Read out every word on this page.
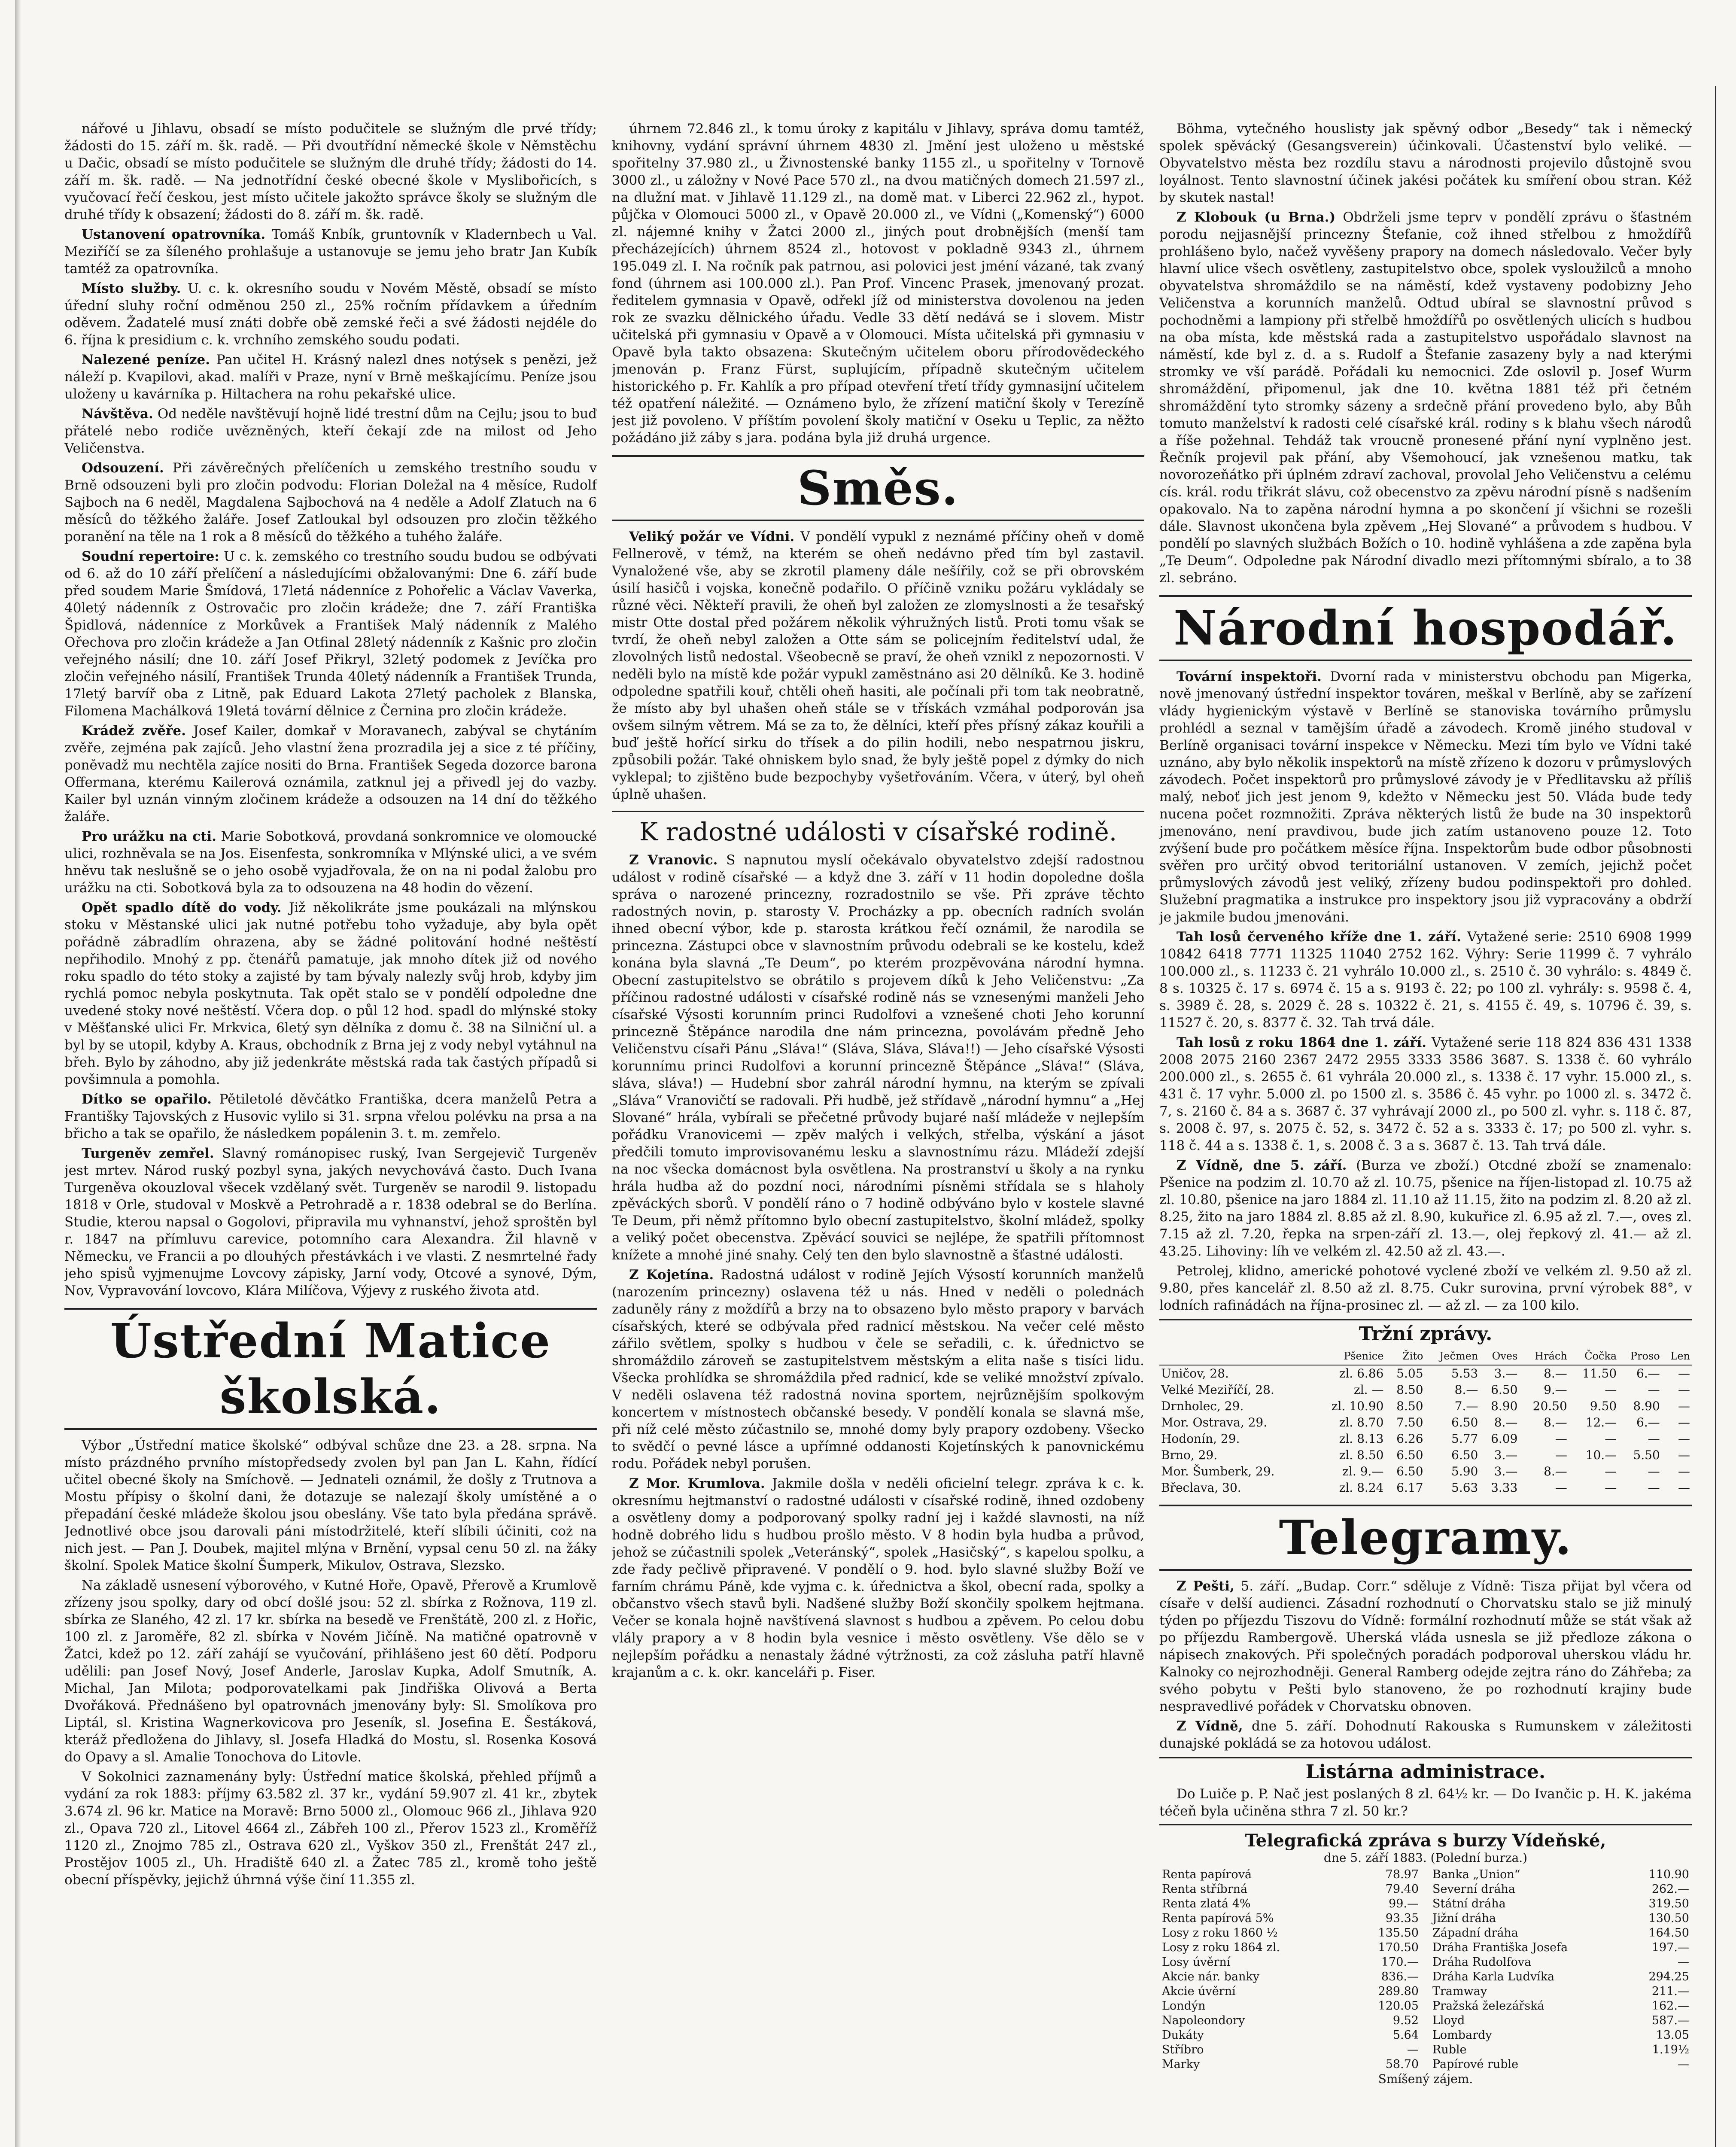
nářové u Jihlavu, obsadí se místo podučitele se služným dle prvé třídy; žádosti do 15. září m. šk. radě. — Při dvoutřídní německé škole v Němstěchu u Dačic, obsadí se místo podučitele se služným dle druhé třídy; žádosti do 14. září m. šk. radě. — Na jednotřídní české obecné škole v Myslibořicích, s vyučovací řečí českou, jest místo učitele jakožto správce školy se služným dle druhé třídy k obsazení; žádosti do 8. září m. šk. radě.

Ustanovení opatrovníka. Tomáš Knbík, gruntovník v Kladernbech u Val. Meziříčí se za šíleného prohlašuje a ustanovuje se jemu jeho bratr Jan Kubík tamtéž za opatrovníka.

Místo služby. U. c. k. okresního soudu v Novém Městě, obsadí se místo úřední sluhy roční odměnou 250 zl., 25% ročním přídavkem a úředním oděvem. Žadatelé musí znáti dobře obě zemské řeči a své žádosti nejdéle do 6. října k presidium c. k. vrchního zemského soudu podati.

Nalezené peníze. Pan učitel H. Krásný nalezl dnes notýsek s penězi, jež náleží p. Kvapilovi, akad. malíři v Praze, nyní v Brně meškajícímu. Peníze jsou uloženy u kavárníka p. Hiltachera na rohu pekařské ulice.

Návštěva. Od neděle navštěvují hojně lidé trestní dům na Cejlu; jsou to buď přátelé nebo rodiče uvězněných, kteří čekají zde na milost od Jeho Veličenstva.

Odsouzení. Při závěrečných přelíčeních u zemského trestního soudu v Brně odsouzeni byli pro zločin podvodu: Florian Doležal na 4 měsíce, Rudolf Sajboch na 6 neděl, Magdalena Sajbochová na 4 neděle a Adolf Zlatuch na 6 měsíců do těžkého žaláře. Josef Zatloukal byl odsouzen pro zločin těžkého poranění na těle na 1 rok a 8 měsíců do těžkého a tuhého žaláře.

Soudní repertoire: U c. k. zemského co trestního soudu budou se odbývati od 6. až do 10 září přelíčení a následujícími obžalovanými: Dne 6. září bude před soudem Marie Šmídová, 17letá nádenníce z Pohořelic a Václav Vaverka, 40letý nádenník z Ostrovačic pro zločin krádeže; dne 7. září Františka Špidlová, nádenníce z Morkůvek a František Malý nádenník z Malého Ořechova pro zločin krádeže a Jan Otfinal 28letý nádenník z Kašnic pro zločin veřejného násilí; dne 10. září Josef Přikryl, 32letý podomek z Jevíčka pro zločin veřejného násilí, František Trunda 40letý nádenník a František Trunda, 17letý barvíř oba z Litně, pak Eduard Lakota 27letý pacholek z Blanska, Filomena Machálková 19letá tovární dělnice z Černina pro zločin krádeže.

Krádež zvěře. Josef Kailer, domkař v Moravanech, zabýval se chytáním zvěře, zejména pak zajíců. Jeho vlastní žena prozradila jej a sice z té příčiny, poněvadž mu nechtěla zajíce nositi do Brna. František Segeda dozorce barona Offermana, kterému Kailerová oznámila, zatknul jej a přivedl jej do vazby. Kailer byl uznán vinným zločinem krádeže a odsouzen na 14 dní do těžkého žaláře.

Pro urážku na cti. Marie Sobotková, provdaná sonkromnice ve olomoucké ulici, rozhněvala se na Jos. Eisenfesta, sonkromníka v Mlýnské ulici, a ve svém hněvu tak neslušně se o jeho osobě vyjadřovala, že on na ni podal žalobu pro urážku na cti. Sobotková byla za to odsouzena na 48 hodin do vězení.

Opět spadlo dítě do vody. Již několikráte jsme poukázali na mlýnskou stoku v Městanské ulici jak nutné potřebu toho vyžaduje, aby byla opět pořádně zábradlím ohrazena, aby se žádné politování hodné neštěstí nepřihodilo. Mnohý z pp. čtenářů pamatuje, jak mnoho dítek již od nového roku spadlo do této stoky a zajisté by tam bývaly nalezly svůj hrob, kdyby jim rychlá pomoc nebyla poskytnuta. Tak opět stalo se v pondělí odpoledne dne uvedené stoky nové neštěstí. Včera dop. o půl 12 hod. spadl do mlýnské stoky v Měšťanské ulici Fr. Mrkvica, 6letý syn dělníka z domu č. 38 na Silniční ul. a byl by se utopil, kdyby A. Kraus, obchodník z Brna jej z vody nebyl vytáhnul na břeh. Bylo by záhodno, aby již jedenkráte městská rada tak častých případů si povšimnula a pomohla.

Dítko se opařilo. Pětiletolé děvčátko Františka, dcera manželů Petra a Františky Tajovských z Husovic vylilo si 31. srpna vřelou polévku na prsa a na břicho a tak se opařilo, že následkem popálenin 3. t. m. zemřelo.

Turgeněv zemřel. Slavný románopisec ruský, Ivan Sergejevič Turgeněv jest mrtev. Národ ruský pozbyl syna, jakých nevychovává často. Duch Ivana Turgeněva okouzloval všecek vzdělaný svět. Turgeněv se narodil 9. listopadu 1818 v Orle, studoval v Moskvě a Petrohradě a r. 1838 odebral se do Berlína. Studie, kterou napsal o Gogolovi, připravila mu vyhnanství, jehož sproštěn byl r. 1847 na přímluvu carevice, potomního cara Alexandra. Žil hlavně v Německu, ve Francii a po dlouhých přestávkách i ve vlasti. Z nesmrtelné řady jeho spisů vyjmenujme Lovcovy zápisky, Jarní vody, Otcové a synové, Dým, Nov, Vypravování lovcovo, Klára Milíčova, Výjevy z ruského života atd.

Ústřední Matice školská.

Výbor „Ústřední matice školské“ odbýval schůze dne 23. a 28. srpna. Na místo prázdného prvního místopředsedy zvolen byl pan Jan L. Kahn, řídící učitel obecné školy na Smíchově. — Jednateli oznámil, že došly z Trutnova a Mostu přípisy o školní dani, že dotazuje se nalezají školy umístěné a o přepadání české mládeže školou jsou obeslány. Vše tato byla předána správě. Jednotlivé obce jsou darovali páni místodržitelé, kteří slíbili účiniti, coż na nich jest. — Pan J. Doubek, majitel mlýna v Brnění, vypsal cenu 50 zl. na žáky školní. Spolek Matice školní Šumperk, Mikulov, Ostrava, Slezsko.

Na základě usnesení výborového, v Kutné Hoře, Opavě, Přerově a Krumlově zřízeny jsou spolky, dary od obcí došlé jsou: 52 zl. sbírka z Rožnova, 119 zl. sbírka ze Slaného, 42 zl. 17 kr. sbírka na besedě ve Frenštátě, 200 zl. z Hořic, 100 zl. z Jaroměře, 82 zl. sbírka v Novém Jičíně. Na matičné opatrovně v Žatci, kdež po 12. září zahájí se vyučování, přihlášeno jest 60 dětí. Podporu udělili: pan Josef Nový, Josef Anderle, Jaroslav Kupka, Adolf Smutník, A. Michal, Jan Milota; podporovatelkami pak Jindřiška Olivová a Berta Dvořáková. Přednášeno byl opatrovnách jmenovány byly: Sl. Smolíkova pro Liptál, sl. Kristina Wagnerkovicova pro Jeseník, sl. Josefina E. Šestáková, kteráž předložena do Jihlavy, sl. Josefa Hladká do Mostu, sl. Rosenka Kosová do Opavy a sl. Amalie Tonochova do Litovle.

V Sokolnici zaznamenány byly: Ústřední matice školská, přehled příjmů a vydání za rok 1883: příjmy 63.582 zl. 37 kr., vydání 59.907 zl. 41 kr., zbytek 3.674 zl. 96 kr. Matice na Moravě: Brno 5000 zl., Olomouc 966 zl., Jihlava 920 zl., Opava 720 zl., Litovel 4664 zl., Zábřeh 100 zl., Přerov 1523 zl., Kroměříž 1120 zl., Znojmo 785 zl., Ostrava 620 zl., Vyškov 350 zl., Frenštát 247 zl., Prostějov 1005 zl., Uh. Hradiště 640 zl. a Žatec 785 zl., kromě toho ještě obecní příspěvky, jejichž úhrnná výše činí 11.355 zl.

úhrnem 72.846 zl., k tomu úroky z kapitálu v Jihlavy, správa domu tamtéž, knihovny, vydání správní úhrnem 4830 zl. Jmění jest uloženo u městské spořitelny 37.980 zl., u Živnostenské banky 1155 zl., u spořitelny v Tornově 3000 zl., u záložny v Nové Pace 570 zl., na dvou matičných domech 21.597 zl., na dlužní mat. v Jihlavě 11.129 zl., na domě mat. v Liberci 22.962 zl., hypot. půjčka v Olomouci 5000 zl., v Opavě 20.000 zl., ve Vídni („Komenský“) 6000 zl. nájemné knihy v Žatci 2000 zl., jiných pout drobnějších (menší tam přecházejících) úhrnem 8524 zl., hotovost v pokladně 9343 zl., úhrnem 195.049 zl. I. Na ročník pak patrnou, asi polovici jest jméní vázané, tak zvaný fond (úhrnem asi 100.000 zl.). Pan Prof. Vincenc Prasek, jmenovaný prozat. ředitelem gymnasia v Opavě, odřekl jíž od ministerstva dovolenou na jeden rok ze svazku dělnického úřadu. Vedle 33 dětí nedává se i slovem. Mistr učitelská při gymnasiu v Opavě a v Olomouci. Místa učitelská při gymnasiu v Opavě byla takto obsazena: Skutečným učitelem oboru přírodovědeckého jmenován p. Franz Fürst, suplujícím, případně skutečným učitelem historického p. Fr. Kahlík a pro případ otevření třetí třídy gymnasijní učitelem též opatření náležité. — Oznámeno bylo, že zřízení matiční školy v Terezíně jest již povoleno. V příštím povolení školy matiční v Oseku u Teplic, za něžto požádáno již záby s jara. podána byla již druhá urgence.

Směs.

Veliký požár ve Vídni. V pondělí vypukl z neznámé příčiny oheň v domě Fellnerově, v témž, na kterém se oheň nedávno před tím byl zastavil. Vynaložené vše, aby se zkrotil plameny dále nešířily, což se při obrovském úsilí hasičů i vojska, konečně podařilo. O příčině vzniku požáru vykládaly se různé věci. Někteří pravili, že oheň byl založen ze zlomyslnosti a že tesařský mistr Otte dostal před požárem několik výhružných listů. Proti tomu však se tvrdí, že oheň nebyl založen a Otte sám se policejním ředitelství udal, že zlovolných listů nedostal. Všeobecně se praví, že oheň vznikl z nepozornosti. V neděli bylo na místě kde požár vypukl zaměstnáno asi 20 dělníků. Ke 3. hodině odpoledne spatřili kouř, chtěli oheň hasiti, ale počínali při tom tak neobratně, že místo aby byl uhašen oheň stále se v třískách vzmáhal podporován jsa ovšem silným větrem. Má se za to, že dělníci, kteří přes přísný zákaz kouřili a buď ještě hořící sirku do třísek a do pilin hodili, nebo nespatrnou jiskru, způsobili požár. Také ohniskem bylo snad, že byly ještě popel z dýmky do nich vyklepal; to zjištěno bude bezpochyby vyšetřováním. Včera, v úterý, byl oheň úplně uhašen.

K radostné události v císařské rodině.

Z Vranovic. S napnutou myslí očekávalo obyvatelstvo zdejší radostnou událost v rodině císařské — a když dne 3. září v 11 hodin dopoledne došla správa o narozené princezny, rozradostnilo se vše. Při zpráve těchto radostných novin, p. starosty V. Procházky a pp. obecních radních svolán ihned obecní výbor, kde p. starosta krátkou řečí oznámil, že narodila se princezna. Zástupci obce v slavnostním průvodu odebrali se ke kostelu, kdež konána byla slavná „Te Deum“, po kterém prozpěvována národní hymna. Obecní zastupitelstvo se obrátilo s projevem díků k Jeho Veličenstvu: „Za příčinou radostné události v císařské rodině nás se vznesenými manželi Jeho císařské Výsosti korunním princi Rudolfovi a vznešené choti Jeho korunní princezně Štěpánce narodila dne nám princezna, povolávám předně Jeho Veličenstvu císaři Pánu „Sláva!“ (Sláva, Sláva, Sláva!!) — Jeho císařské Výsosti korunnímu princi Rudolfovi a korunní princezně Štěpánce „Sláva!“ (Sláva, sláva, sláva!) — Hudební sbor zahrál národní hymnu, na kterým se zpívali „Sláva“ Vranovičtí se radovali. Při hudbě, jež střídavě „národní hymnu“ a „Hej Slované“ hrála, vybírali se přečetné průvody bujaré naší mládeže v nejlepším pořádku Vranovicemi — zpěv malých i velkých, střelba, výskání a jásot předčili tomuto improvisovanému lesku a slavnostnímu rázu. Mládeží zdejší na noc všecka domácnost byla osvětlena. Na prostranství u školy a na rynku hrála hudba až do pozdní noci, národními písněmi střídala se s hlaholy zpěváckých sborů. V pondělí ráno o 7 hodině odbýváno bylo v kostele slavné Te Deum, při němž přítomno bylo obecní zastupitelstvo, školní mládež, spolky a veliký počet obecenstva. Zpěvácí souvici se nejlépe, že spatřili přítomnost knížete a mnohé jiné snahy. Celý ten den bylo slavnostně a šťastné události.

Z Kojetína. Radostná událost v rodině Jejích Výsostí korunních manželů (narozením princezny) oslavena též u nás. Hned v neděli o polednách zaduněly rány z moždířů a brzy na to obsazeno bylo město prapory v barvách císařských, které se odbývala před radnicí městskou. Na večer celé město zářilo světlem, spolky s hudbou v čele se seřadili, c. k. úřednictvo se shromáždilo zároveň se zastupitelstvem městským a elita naše s tisíci lidu. Všecka prohlídka se shromáždila před radnicí, kde se veliké množství zpívalo. V neděli oslavena též radostná novina sportem, nejrůznějším spolkovým koncertem v místnostech občanské besedy. V pondělí konala se slavná mše, při níž celé město zúčastnilo se, mnohé domy byly prapory ozdobeny. Všecko to svědčí o pevné lásce a upřímné oddanosti Kojetínských k panovnickému rodu. Pořádek nebyl porušen.

Z Mor. Krumlova. Jakmile došla v neděli oficielní telegr. zpráva k c. k. okresnímu hejtmanství o radostné události v císařské rodině, ihned ozdobeny a osvětleny domy a podporovaný spolky radní jej i každé slavnosti, na níž hodně dobrého lidu s hudbou prošlo město. V 8 hodin byla hudba a průvod, jehož se zúčastnili spolek „Veteránský“, spolek „Hasičský“, s kapelou spolku, a zde řady pečlivě připravené. V pondělí o 9. hod. bylo slavné služby Boží ve farním chrámu Páně, kde vyjma c. k. úřednictva a škol, obecní rada, spolky a občanstvo všech stavů byli. Nadšené služby Boží skončily spolkem hejtmana. Večer se konala hojně navštívená slavnost s hudbou a zpěvem. Po celou dobu vlály prapory a v 8 hodin byla vesnice i město osvětleny. Vše dělo se v nejlepším pořádku a nenastaly žádné výtržnosti, za což zásluha patří hlavně krajanům a c. k. okr. kanceláři p. Fiser.

Böhma, vytečného houslisty jak spěvný odbor „Besedy“ tak i německý spolek spěvácký (Gesangsverein) účinkovali. Účastenství bylo veliké. — Obyvatelstvo města bez rozdílu stavu a národnosti projevilo důstojně svou loyálnost. Tento slavnostní účinek jakési počátek ku smíření obou stran. Kéž by skutek nastal!

Z Klobouk (u Brna.) Obdrželi jsme teprv v pondělí zprávu o šťastném porodu nejjasnější princezny Štefanie, což ihned střelbou z hmoždířů prohlášeno bylo, načež vyvěšeny prapory na domech následovalo. Večer byly hlavní ulice všech osvětleny, zastupitelstvo obce, spolek vysloužilců a mnoho obyvatelstva shromáždilo se na náměstí, kdež vystaveny podobizny Jeho Veličenstva a korunních manželů. Odtud ubíral se slavnostní průvod s pochodněmi a lampiony při střelbě hmoždířů po osvětlených ulicích s hudbou na oba místa, kde městská rada a zastupitelstvo uspořádalo slavnost na náměstí, kde byl z. d. a s. Rudolf a Štefanie zasazeny byly a nad kterými stromky ve vší parádě. Pořádali ku nemocnici. Zde oslovil p. Josef Wurm shromáždění, připomenul, jak dne 10. května 1881 též při četném shromáždění tyto stromky sázeny a srdečně přání provedeno bylo, aby Bůh tomuto manželství k radosti celé císařské král. rodiny s k blahu všech národů a říše požehnal. Tehdáž tak vroucně pronesené přání nyní vyplněno jest. Řečník projevil pak přání, aby Všemohoucí, jak vznešenou matku, tak novorozeňátko při úplném zdraví zachoval, provolal Jeho Veličenstvu a celému cís. král. rodu třikrát slávu, což obecenstvo za zpěvu národní písně s nadšením opakovalo. Na to zapěna národní hymna a po skončení jí všichni se rozešli dále. Slavnost ukončena byla zpěvem „Hej Slované“ a průvodem s hudbou. V pondělí po slavných službách Božích o 10. hodině vyhlášena a zde zapěna byla „Te Deum“. Odpoledne pak Národní divadlo mezi přítomnými sbíralo, a to 38 zl. sebráno.

Národní hospodář.

Tovární inspektoři. Dvorní rada v ministerstvu obchodu pan Migerka, nově jmenovaný ústřední inspektor továren, meškal v Berlíně, aby se zařízení vlády hygienickým výstavě v Berlíně se stanoviska továrního průmyslu prohlédl a seznal v tamějším úřadě a závodech. Kromě jiného studoval v Berlíně organisaci tovární inspekce v Německu. Mezi tím bylo ve Vídni také uznáno, aby bylo několik inspektorů na místě zřízeno k dozoru v průmyslových závodech. Počet inspektorů pro průmyslové závody je v Předlitavsku až příliš malý, neboť jich jest jenom 9, kdežto v Německu jest 50. Vláda bude tedy nucena počet rozmnožiti. Zpráva některých listů že bude na 30 inspektorů jmenováno, není pravdivou, bude jich zatím ustanoveno pouze 12. Toto zvýšení bude pro počátkem měsíce října. Inspektorům bude odbor působnosti svěřen pro určitý obvod teritoriální ustanoven. V zemích, jejichž počet průmyslových závodů jest veliký, zřízeny budou podinspektoři pro dohled. Služební pragmatika a instrukce pro inspektory jsou již vypracovány a obdrží je jakmile budou jmenováni.

Tah losů červeného kříže dne 1. září. Vytažené serie: 2510 6908 1999 10842 6418 7771 11325 11040 2752 162. Výhry: Serie 11999 č. 7 vyhrálo 100.000 zl., s. 11233 č. 21 vyhrálo 10.000 zl., s. 2510 č. 30 vyhrálo: s. 4849 č. 8 s. 10325 č. 17 s. 6974 č. 15 a s. 9193 č. 22; po 100 zl. vyhrály: s. 9598 č. 4, s. 3989 č. 28, s. 2029 č. 28 s. 10322 č. 21, s. 4155 č. 49, s. 10796 č. 39, s. 11527 č. 20, s. 8377 č. 32. Tah trvá dále.

Tah losů z roku 1864 dne 1. září. Vytažené serie 118 824 836 431 1338 2008 2075 2160 2367 2472 2955 3333 3586 3687. S. 1338 č. 60 vyhrálo 200.000 zl., s. 2655 č. 61 vyhrála 20.000 zl., s. 1338 č. 17 vyhr. 15.000 zl., s. 431 č. 17 vyhr. 5.000 zl. po 1500 zl. s. 3586 č. 45 vyhr. po 1000 zl. s. 3472 č. 7, s. 2160 č. 84 a s. 3687 č. 37 vyhrávají 2000 zl., po 500 zl. vyhr. s. 118 č. 87, s. 2008 č. 97, s. 2075 č. 52, s. 3472 č. 52 a s. 3333 č. 17; po 500 zl. vyhr. s. 118 č. 44 a s. 1338 č. 1, s. 2008 č. 3 a s. 3687 č. 13. Tah trvá dále.

Z Vídně, dne 5. září. (Burza ve zboží.) Otcdné zboží se znamenalo: Pšenice na podzim zl. 10.70 až zl. 10.75, pšenice na říjen-listopad zl. 10.75 až zl. 10.80, pšenice na jaro 1884 zl. 11.10 až 11.15, žito na podzim zl. 8.20 až zl. 8.25, žito na jaro 1884 zl. 8.85 až zl. 8.90, kukuřice zl. 6.95 až zl. 7.—, oves zl. 7.15 až zl. 7.20, řepka na srpen-září zl. 13.—, olej řepkový zl. 41.— až zl. 43.25. Lihoviny: líh ve velkém zl. 42.50 až zl. 43.—.

Petrolej, klidno, americké pohotové vyclené zboží ve velkém zl. 9.50 až zl. 9.80, přes kancelář zl. 8.50 až zl. 8.75. Cukr surovina, první výrobek 88°, v lodních rafinádách na října-prosinec zl. — až zl. — za 100 kilo.

Tržní zprávy.
	Pšenice	Žito	Ječmen	Oves	Hrách	Čočka	Proso	Len
Uničov, 28.	zl. 6.86	5.05	5.53	3.—	8.—	11.50	6.—	—
Velké Meziříčí, 28.	zl. —	8.50	8.—	6.50	9.—	—	—	—
Drnholec, 29.	zl. 10.90	8.50	7.—	8.90	20.50	9.50	8.90	—
Mor. Ostrava, 29.	zl. 8.70	7.50	6.50	8.—	8.—	12.—	6.—	—
Hodonín, 29.	zl. 8.13	6.26	5.77	6.09	—	—	—	—
Brno, 29.	zl. 8.50	6.50	6.50	3.—	—	10.—	5.50	—
Mor. Šumberk, 29.	zl. 9.—	6.50	5.90	3.—	8.—	—	—	—
Břeclava, 30.	zl. 8.24	6.17	5.63	3.33	—	—	—	—
Telegramy.

Z Pešti, 5. září. „Budap. Corr.“ sděluje z Vídně: Tisza přijat byl včera od císaře v delší audienci. Zásadní rozhodnutí o Chorvatsku stalo se již minulý týden po příjezdu Tiszovu do Vídně: formální rozhodnutí může se stát však až po příjezdu Rambergově. Uherská vláda usnesla se již předloze zákona o nápisech znakových. Při společných poradách podporoval uherskou vládu hr. Kalnoky co nejrozhodněji. General Ramberg odejde zejtra ráno do Záhřeba; za svého pobytu v Pešti bylo stanoveno, že po rozhodnutí krajiny bude nespravedlivé pořádek v Chorvatsku obnoven.

Z Vídně, dne 5. září. Dohodnutí Rakouska s Rumunskem v záležitosti dunajské pokládá se za hotovou událost.

Listárna administrace.

Do Luiče p. P. Nač jest poslaných 8 zl. 64½ kr. — Do Ivančic p. H. K. jakéma téčeň byla učiněna sthra 7 zl. 50 kr.?

Telegrafická zpráva s burzy Vídeňské,
dne 5. září 1883. (Polední burza.)
Renta papírová	78.97
Renta stříbrná	79.40
Renta zlatá 4%	99.—
Renta papírová 5%	93.35
Losy z roku 1860 ½	135.50
Losy z roku 1864 zl.	170.50
Losy úvěrní	170.—
Akcie nár. banky	836.—
Akcie úvěrní	289.80
Londýn	120.05
Napoleondory	9.52
Dukáty	5.64
Stříbro	—
Marky	58.70
Banka „Union“	110.90
Severní dráha	262.—
Státní dráha	319.50
Jižní dráha	130.50
Západní dráha	164.50
Dráha Františka Josefa	197.—
Dráha Rudolfova	—
Dráha Karla Ludvíka	294.25
Tramway	211.—
Pražská železářská	162.—
Lloyd	587.—
Lombardy	13.05
Ruble	1.19½
Papírové ruble	—
Smíšený zájem.
